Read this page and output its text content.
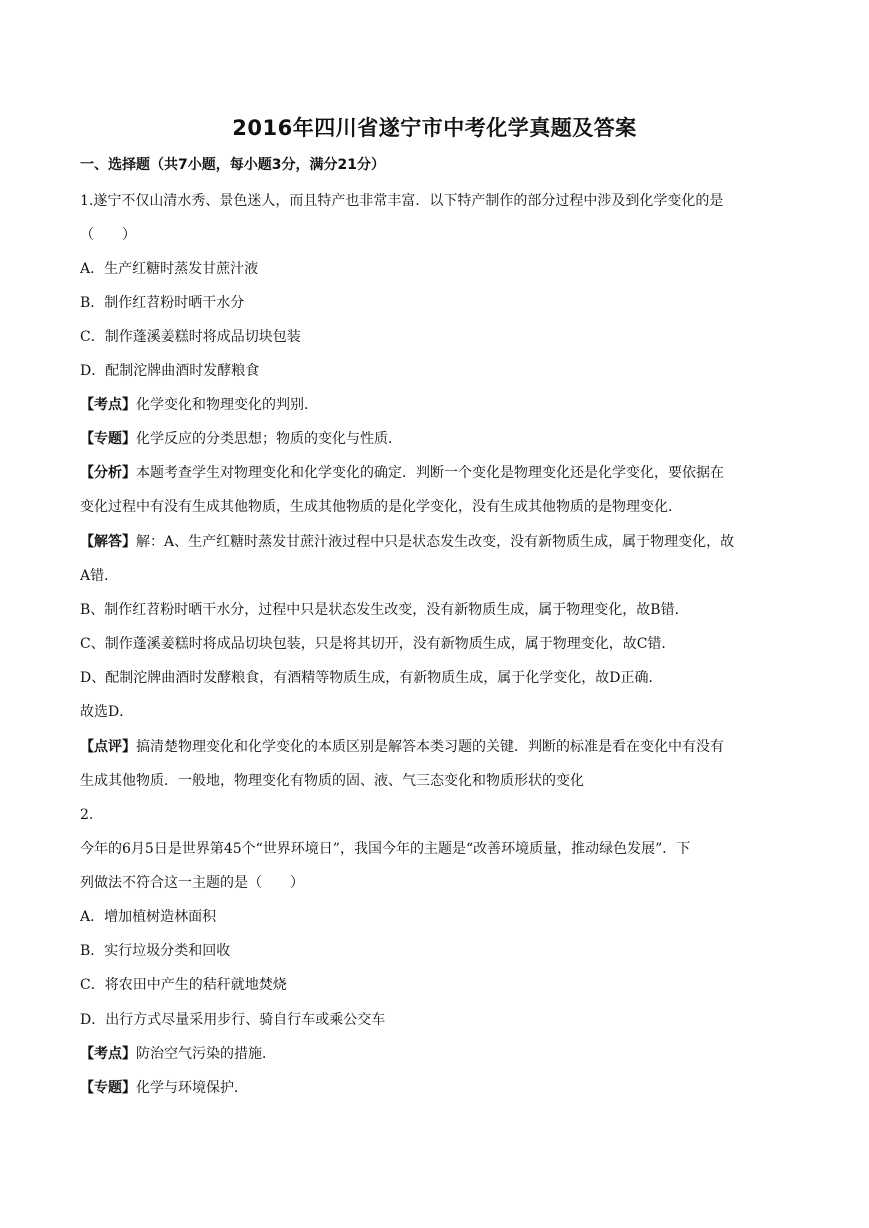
2016年四川省遂宁市中考化学真题及答案
一、选择题（共7小题，每小题3分，满分21分）
1.遂宁不仅山清水秀、景色迷人，而且特产也非常丰富．以下特产制作的部分过程中涉及到化学变化的是
（　　）
A．生产红糖时蒸发甘蔗汁液
B．制作红苕粉时晒干水分
C．制作蓬溪姜糕时将成品切块包装
D．配制沱牌曲酒时发酵粮食
【考点】化学变化和物理变化的判别．
【专题】化学反应的分类思想；物质的变化与性质．
【分析】本题考查学生对物理变化和化学变化的确定．判断一个变化是物理变化还是化学变化，要依据在
变化过程中有没有生成其他物质，生成其他物质的是化学变化，没有生成其他物质的是物理变化．
【解答】解：A、生产红糖时蒸发甘蔗汁液过程中只是状态发生改变，没有新物质生成，属于物理变化，故
A错．
B、制作红苕粉时晒干水分，过程中只是状态发生改变，没有新物质生成，属于物理变化，故B错．
C、制作蓬溪姜糕时将成品切块包装，只是将其切开，没有新物质生成，属于物理变化，故C错．
D、配制沱牌曲酒时发酵粮食，有酒精等物质生成，有新物质生成，属于化学变化，故D正确．
故选D．
【点评】搞清楚物理变化和化学变化的本质区别是解答本类习题的关键．判断的标准是看在变化中有没有
生成其他物质．一般地，物理变化有物质的固、液、气三态变化和物质形状的变化
2.
今年的6月5日是世界第45个“世界环境日”，我国今年的主题是“改善环境质量，推动绿色发展”．下
列做法不符合这一主题的是（　　）
A．增加植树造林面积
B．实行垃圾分类和回收
C．将农田中产生的秸秆就地焚烧
D．出行方式尽量采用步行、骑自行车或乘公交车
【考点】防治空气污染的措施．
【专题】化学与环境保护．
